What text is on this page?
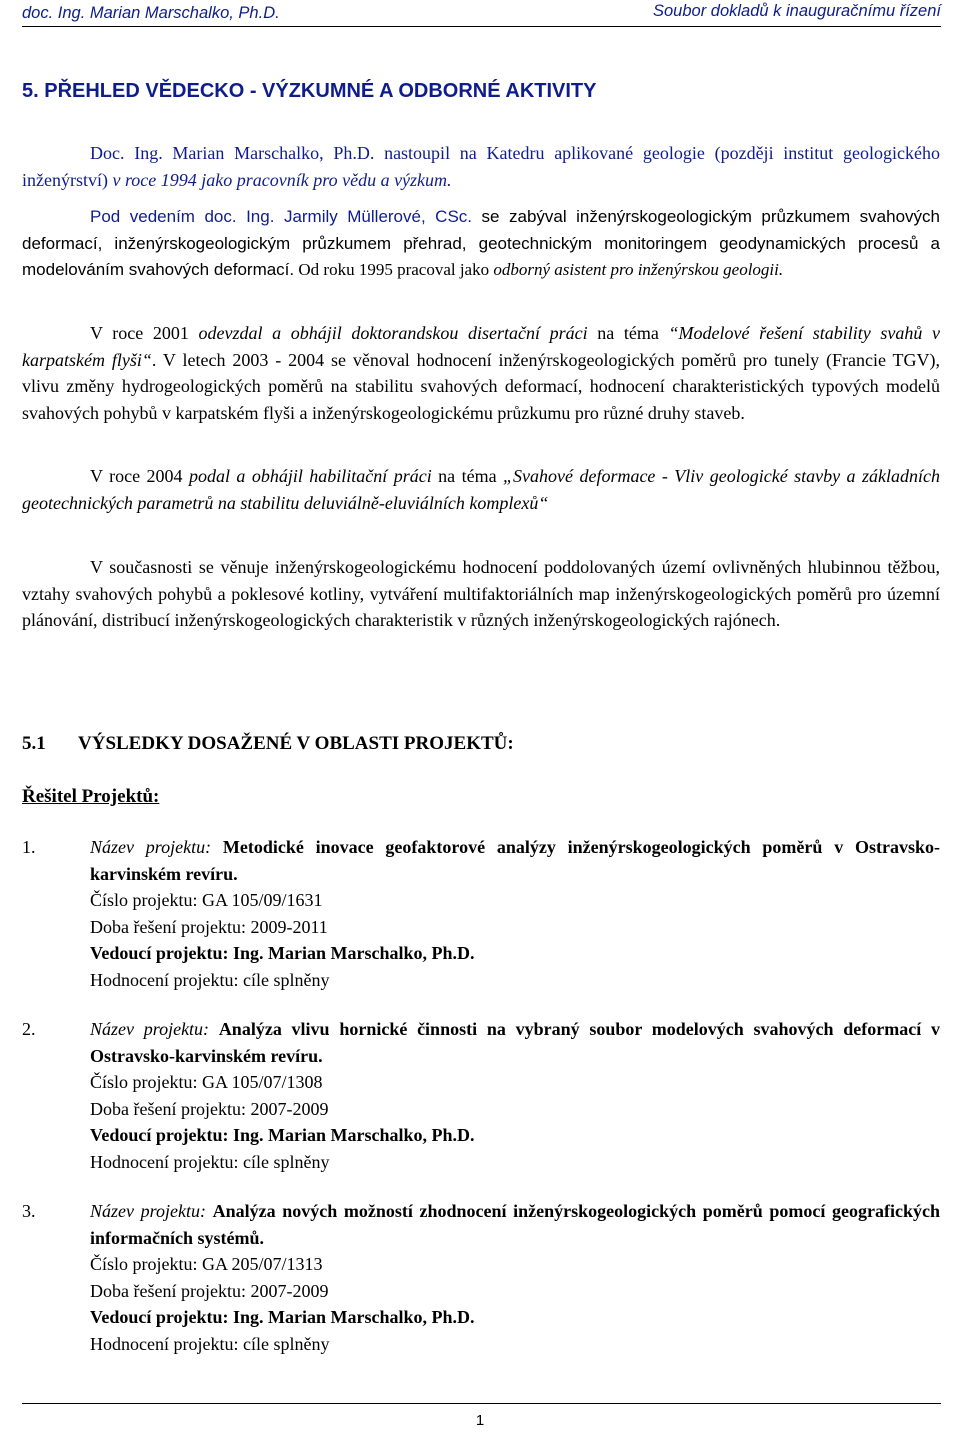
doc. Ing. Marian Marschalko, Ph.D.	Soubor dokladů k inauguračnímu řízení
5. PŘEHLED VĚDECKO - VÝZKUMNÉ A ODBORNÉ AKTIVITY
Doc. Ing. Marian Marschalko, Ph.D. nastoupil na Katedru aplikované geologie (později institut geologického inženýrství) v roce 1994 jako pracovník pro vědu a výzkum.
Pod vedením doc. Ing. Jarmily Müllerové, CSc. se zabýval inženýrskogeologickým průzkumem svahových deformací, inženýrskogeologickým průzkumem přehrad, geotechnickým monitoringem geodynamických procesů a modelováním svahových deformací. Od roku 1995 pracoval jako odborný asistent pro inženýrskou geologii.
V roce 2001 odevzdal a obhájil doktorandskou disertační práci na téma “Modelové řešení stability svahů v karpatském flyši“. V letech 2003 - 2004 se věnoval hodnocení inženýrskogeologických poměrů pro tunely (Francie TGV), vlivu změny hydrogeologických poměrů na stabilitu svahových deformací, hodnocení charakteristických typových modelů svahových pohybů v karpatském flyši a inženýrskogeologickému průzkumu pro různé druhy staveb.
V roce 2004 podal a obhájil habilitační práci na téma „Svahové deformace - Vliv geologické stavby a základních geotechnických parametrů na stabilitu deluviálně-eluviálních komplexů“
V současnosti se věnuje inženýrskogeologickému hodnocení poddolovaných území ovlivněných hlubinnou těžbou, vztahy svahových pohybů a poklesové kotliny, vytváření multifaktoriálních map inženýrskogeologických poměrů pro územní plánování, distribucí inženýrskogeologických charakteristik v různých inženýrskogeologických rajónech.
5.1 VÝSLEDKY DOSAŽENÉ V OBLASTI PROJEKTŮ:
Řešitel Projektů:
1.	Název projektu: Metodické inovace geofaktorové analýzy inženýrskogeologických poměrů v Ostravsko-karvinském revíru.
Číslo projektu: GA 105/09/1631
Doba řešení projektu: 2009-2011
Vedoucí projektu: Ing. Marian Marschalko, Ph.D.
Hodnocení projektu: cíle splněny
2.	Název projektu: Analýza vlivu hornické činnosti na vybraný soubor modelových svahových deformací v Ostravsko-karvinském revíru.
Číslo projektu: GA 105/07/1308
Doba řešení projektu: 2007-2009
Vedoucí projektu: Ing. Marian Marschalko, Ph.D.
Hodnocení projektu: cíle splněny
3.	Název projektu: Analýza nových možností zhodnocení inženýrskogeologických poměrů pomocí geografických informačních systémů.
Číslo projektu: GA 205/07/1313
Doba řešení projektu: 2007-2009
Vedoucí projektu: Ing. Marian Marschalko, Ph.D.
Hodnocení projektu: cíle splněny
1
